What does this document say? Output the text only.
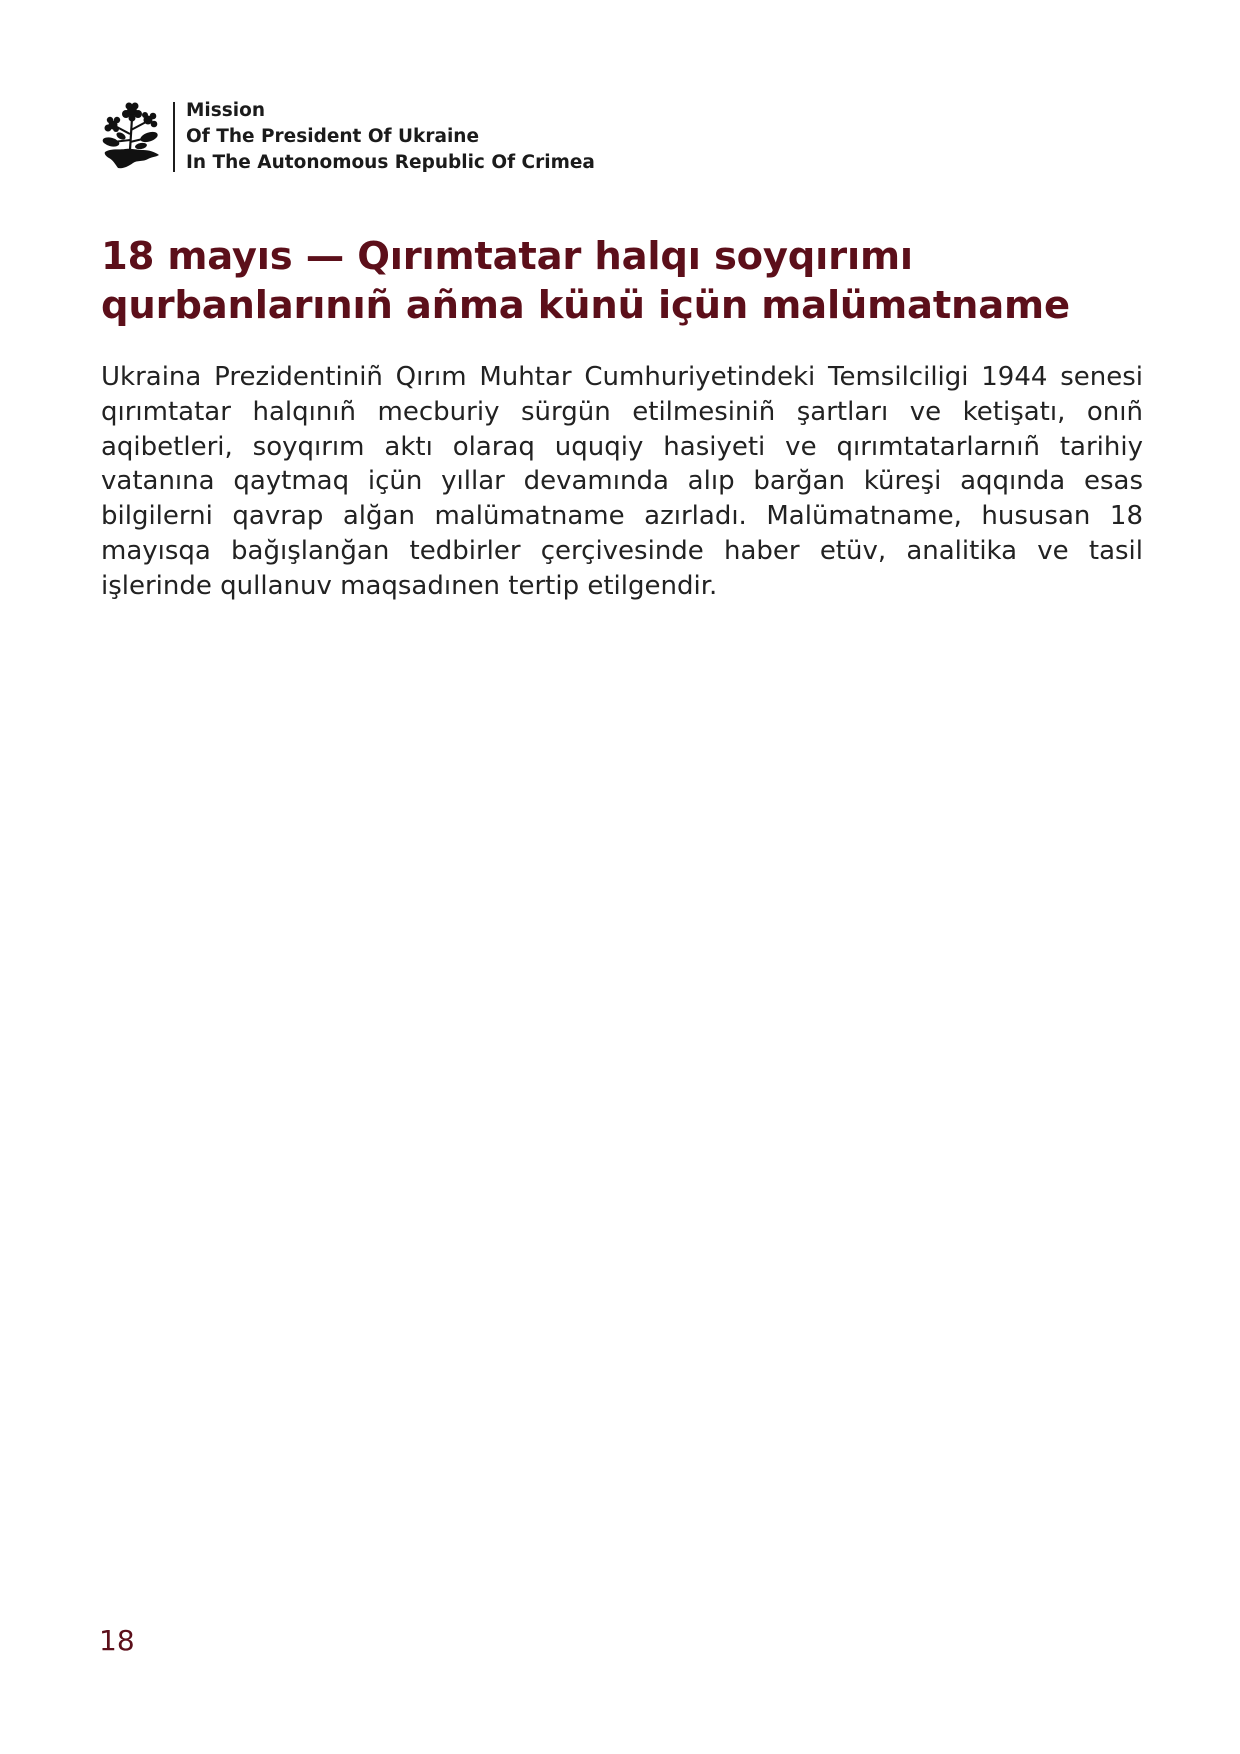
Mission
Of The President Of Ukraine
In The Autonomous Republic Of Crimea
18 mayıs — Qırımtatar halqı soyqırımı
qurbanlarınıñ añma künü içün malümatname

Ukraina Prezidentiniñ Qırım Muhtar Cumhuriyetindeki Temsilciligi 1944 senesi qırımtatar halqınıñ mecburiy sürgün etilmesiniñ şartları ve ketişatı, onıñ aqibetleri, soyqırım aktı olaraq uquqiy hasiyeti ve qırımtatarlarnıñ tarihiy vatanına qaytmaq içün yıllar devamında alıp barğan küreşi aqqında esas bilgilerni qavrap alğan malümatname azırladı. Malümatname, hususan 18 mayısqa bağışlanğan tedbirler çerçivesinde haber etüv, analitika ve tasil işlerinde qullanuv maqsadınen tertip etilgendir.

18
